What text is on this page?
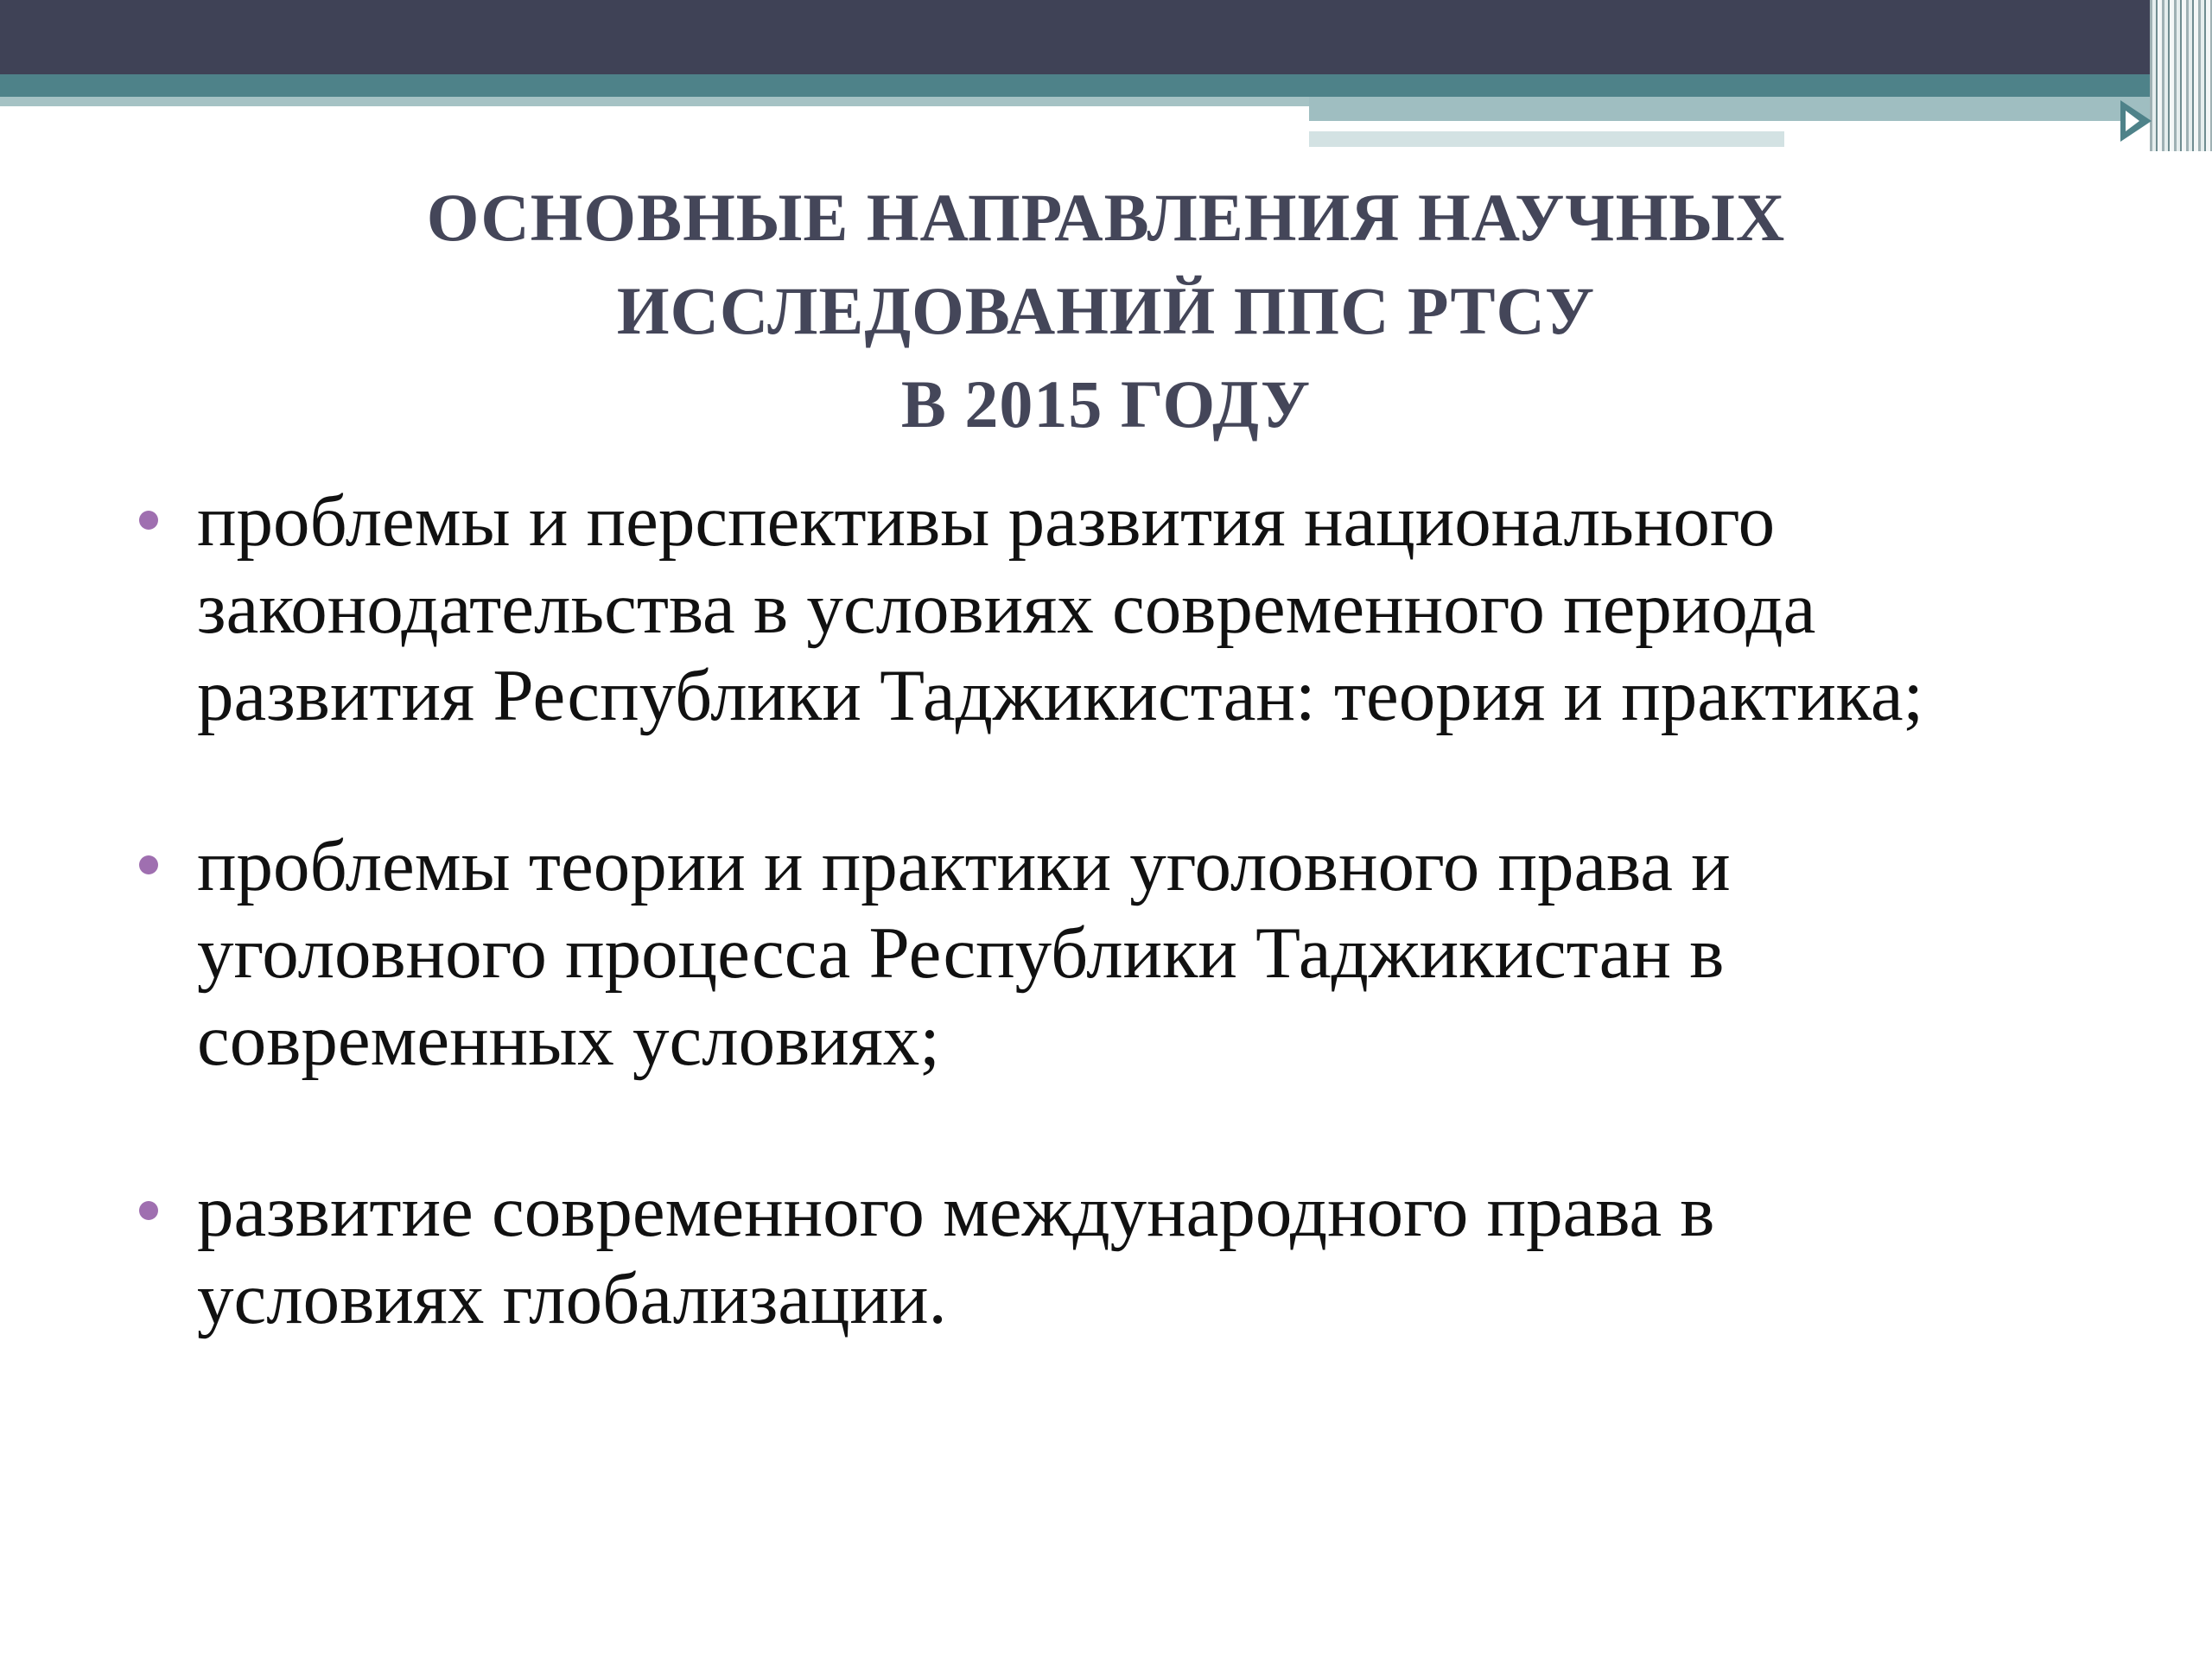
ОСНОВНЫЕ НАПРАВЛЕНИЯ НАУЧНЫХ
ИССЛЕДОВАНИЙ ППС РТСУ
В 2015 ГОДУ
проблемы и перспективы развития национального
законодательства в условиях современного периода
развития Республики Таджикистан: теория и практика;
проблемы теории и практики уголовного права и
уголовного процесса Республики Таджикистан в
современных условиях;
развитие современного международного права в
условиях глобализации.
